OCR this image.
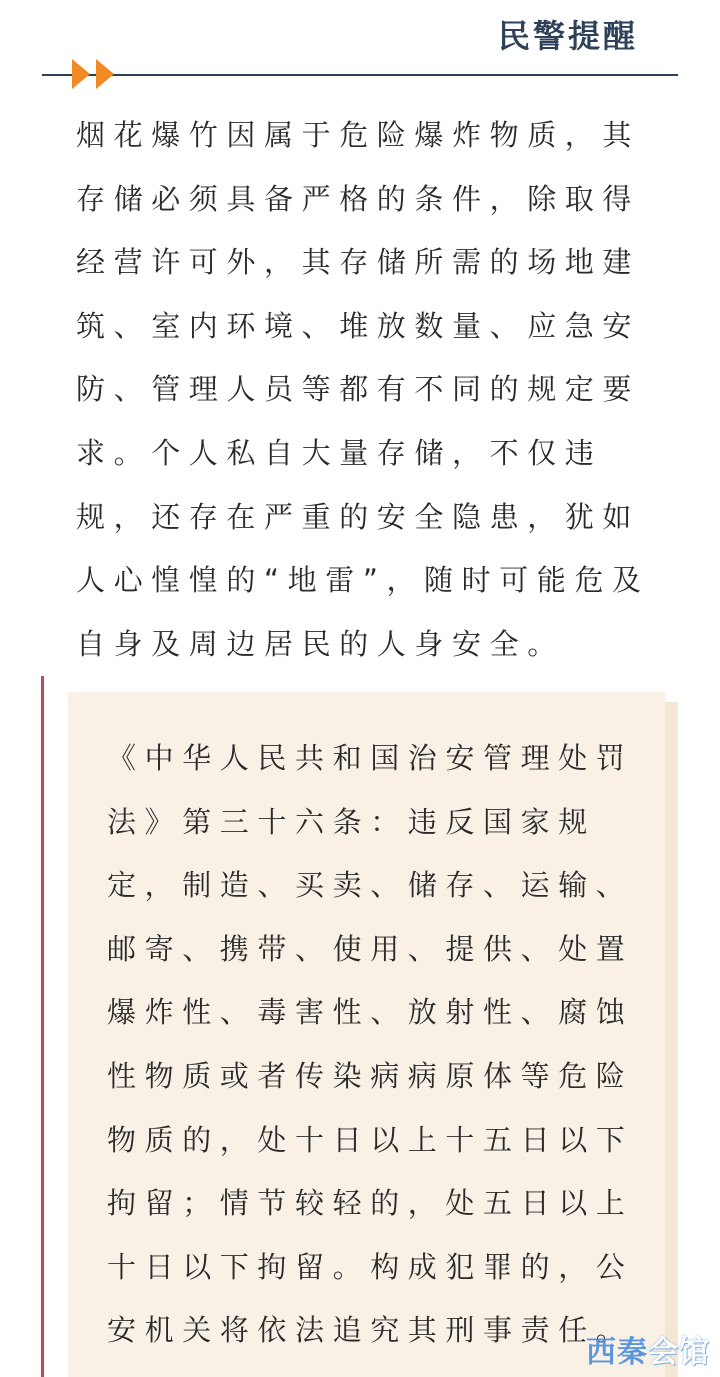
民警提醒

烟花爆竹因属于危险爆炸物质，其存储必须具备严格的条件，除取得经营许可外，其存储所需的场地建筑、室内环境、堆放数量、应急安防、管理人员等都有不同的规定要求。个人私自大量存储，不仅违规，还存在严重的安全隐患，犹如人心惶惶的“地雷”，随时可能危及自身及周边居民的人身安全。

《中华人民共和国治安管理处罚法》第三十六条：违反国家规定，制造、买卖、储存、运输、邮寄、携带、使用、提供、处置爆炸性、毒害性、放射性、腐蚀性物质或者传染病病原体等危险物质的，处十日以上十五日以下拘留；情节较轻的，处五日以上十日以下拘留。构成犯罪的，公安机关将依法追究其刑事责任。

西秦会馆
